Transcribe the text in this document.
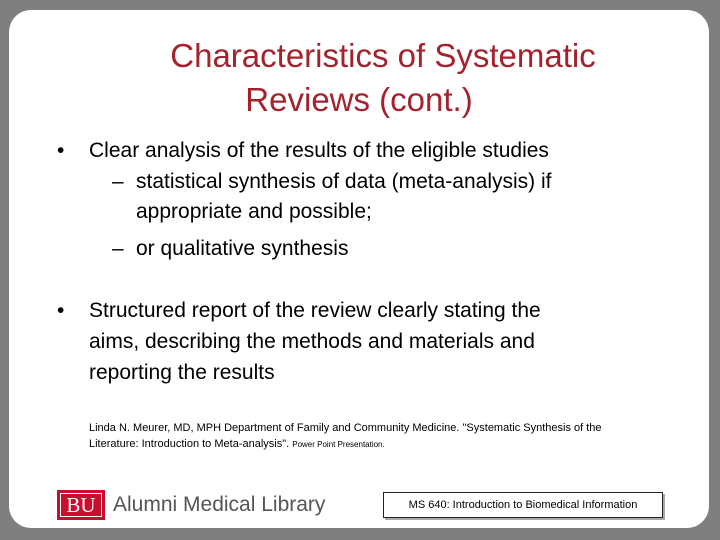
Characteristics of Systematic
Reviews (cont.)
• Clear analysis of the results of the eligible studies
– statistical synthesis of data (meta-analysis) if
appropriate and possible;
– or qualitative synthesis
• Structured report of the review clearly stating the
aims, describing the methods and materials and
reporting the results
Linda N. Meurer, MD, MPH Department of Family and Community Medicine. "Systematic Synthesis of the
Literature: Introduction to Meta-analysis". Power Point Presentation.
BU Alumni Medical Library	MS 640: Introduction to Biomedical Information
